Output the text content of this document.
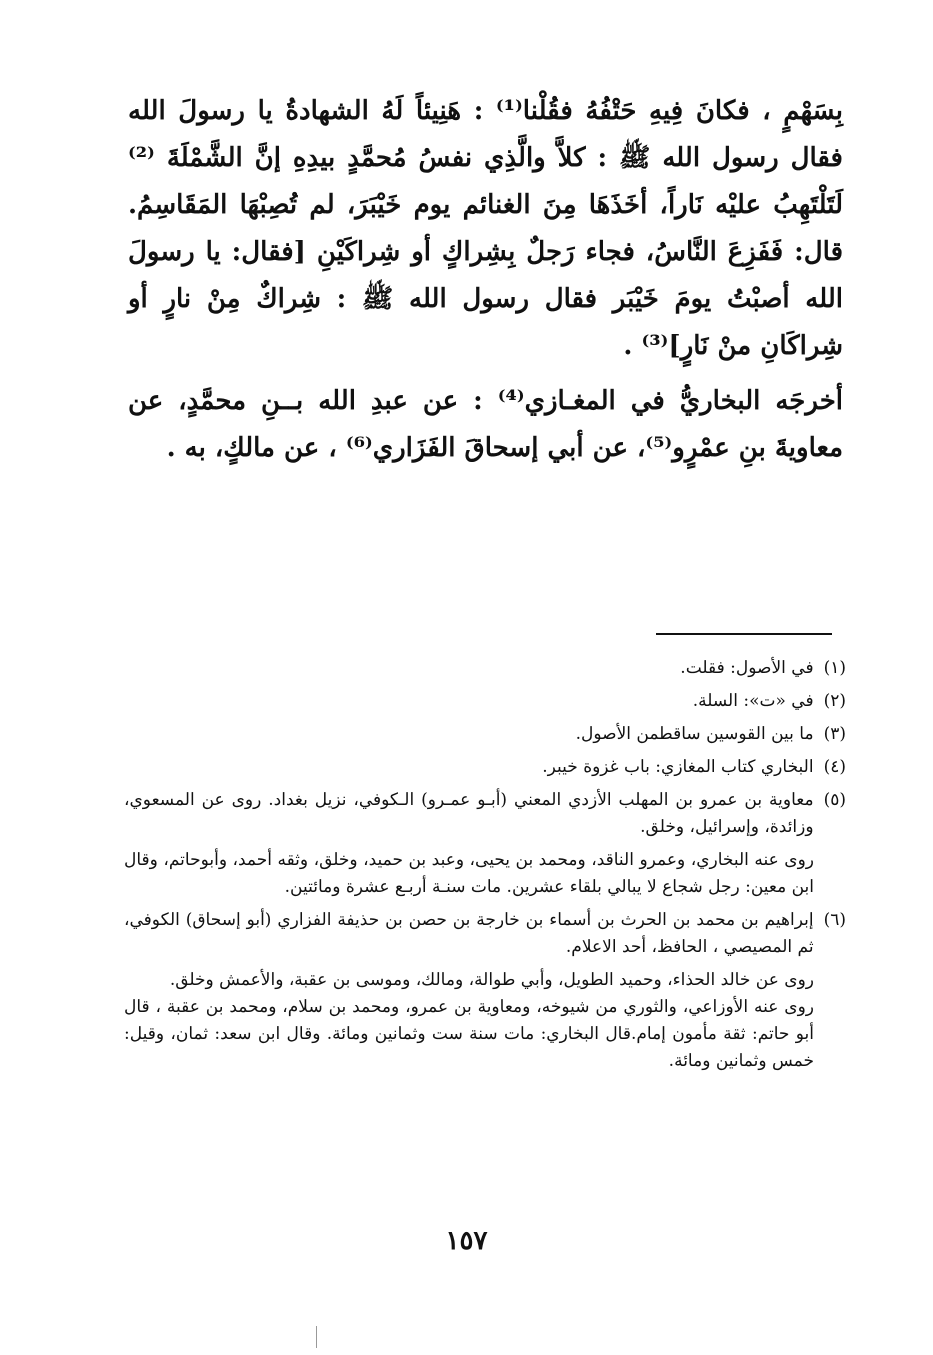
بِسَهْمٍ ، فكانَ فِيهِ حَتْفُهُ فقُلْنا⁽¹⁾ : هَنِيئاً لَهُ الشهادةُ يا رسولَ الله فقال رسول الله ﷺ : كلاَّ والَّذِي نفسُ مُحمَّدٍ بيدِهِ إنَّ الشَّمْلَةَ ⁽²⁾ لَتَلْتَهِبُ عليْه نَاراً، أخَذَهَا مِنَ الغنائم يوم خَيْبَرَ، لم تُصِبْهَا المَقَاسِمُ. قال: فَفَزِعَ النَّاسُ، فجاء رَجلٌ بِشِراكٍ أو شِراكَيْنِ [فقال: يا رسولَ الله أصبْتُ يومَ خَيْبَر فقال رسول الله ﷺ : شِراكٌ مِنْ نارٍ أو شِراكَانِ منْ نَارٍ]⁽³⁾ .

أخرجَه البخاريُّ في المغـازي⁽⁴⁾ : عن عبدِ الله بــنِ محمَّدٍ، عن معاويةَ بنِ عمْرٍو⁽⁵⁾، عن أبي إسحاقَ الفَزَاري⁽⁶⁾ ، عن مالكٍ، به .

(١)
في الأصول: فقلت.
(٢)
في «ت»: السلة.
(٣)
ما بين القوسين ساقطمن الأصول.
(٤)
البخاري كتاب المغازي: باب غزوة خيبر.
(٥)
معاوية بن عمرو بن المهلب الأزدي المعني (أبـو عمـرو) الـكوفي، نزيل بغداد. روى عن المسعوي، وزائدة، وإسرائيل، وخلق.

روى عنه البخاري، وعمرو الناقد، ومحمد بن يحيى، وعبد بن حميد، وخلق، وثقه أحمد، وأبوحاتم، وقال ابن معين: رجل شجاع لا يبالي بلقاء عشرين. مات سنـة أربـع عشرة ومائتين.

(٦)
إبراهيم بن محمد بن الحرث بن أسماء بن خارجة بن حصن بن حذيفة الفزاري (أبو إسحاق) الكوفي، ثم المصيصي ، الحافظ، أحد الاعلام.

روى عن خالد الحذاء، وحميد الطويل، وأبي طوالة، ومالك، وموسى بن عقبة، والأعمش وخلق.

روى عنه الأوزاعي، والثوري من شيوخه، ومعاوية بن عمرو، ومحمد بن سلام، ومحمد بن عقبة ، قال أبو حاتم: ثقة مأمون إمام.قال البخاري: مات سنة ست وثمانين ومائة. وقال ابن سعد: ثمان، وقيل: خمس وثمانين ومائة.

١٥٧
